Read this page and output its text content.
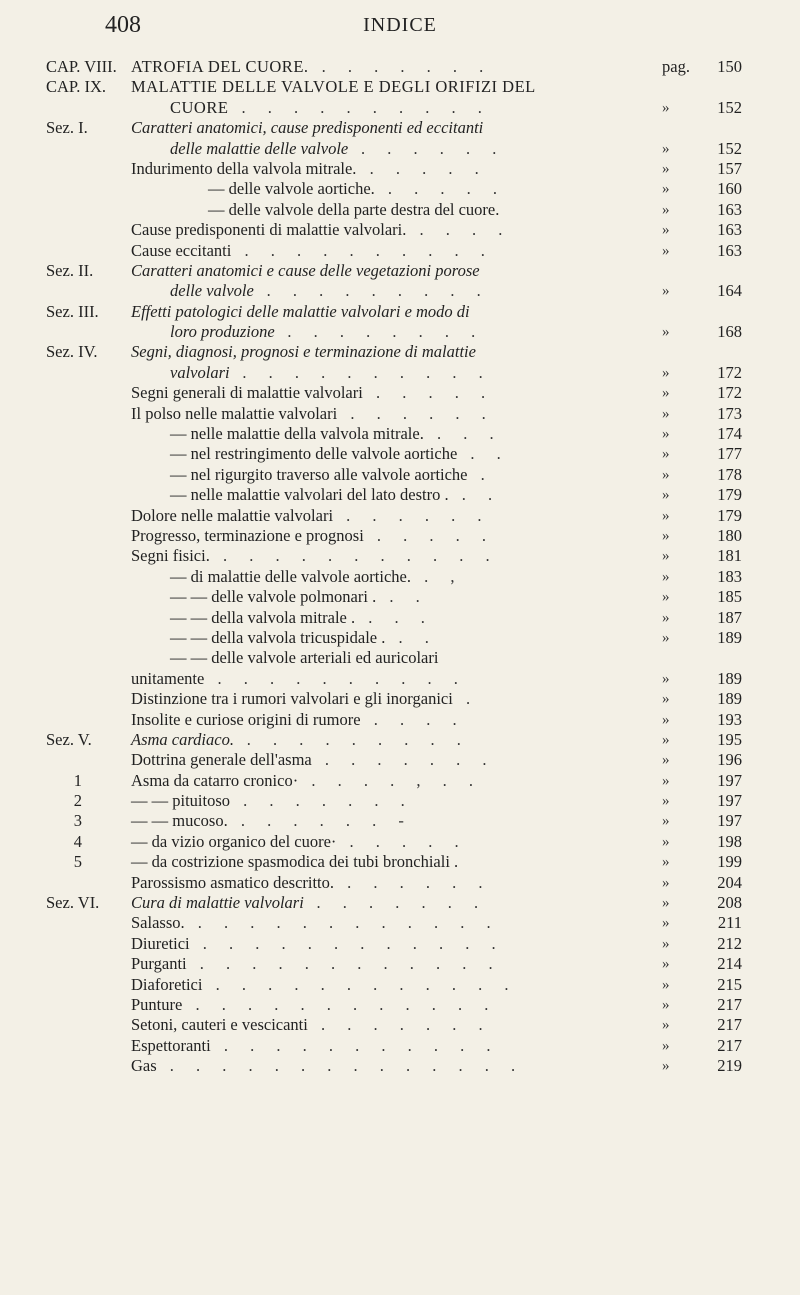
408	INDICE
CAP. VIII. ATROFIA DEL CUORE. . . . . . . .	pag.	150
CAP. IX. MALATTIE DELLE VALVOLE E DEGLI ORIFIZI DEL
CUORE . . . . . . . . . .	»	152
Sez. I.	Caratteri anatomici, cause predisponenti ed eccitanti
delle malattie delle valvole . . . . . .	»	152
Indurimento della valvola mitrale. . . . . .	»	157
— delle valvole aortiche. . . . . .	»	160
— delle valvole della parte destra del cuore.	»	163
Cause predisponenti di malattie valvolari. . . . .	»	163
Cause eccitanti . . . . . . . . . .	»	163
Sez. II. Caratteri anatomici e cause delle vegetazioni porose
delle valvole . . . . . . . . .	»	164
Sez. III. Effetti patologici delle malattie valvolari e modo di
loro produzione . . . . . . . .	»	168
Sez. IV. Segni, diagnosi, prognosi e terminazione di malattie
valvolari . . . . . . . . . .	»	172
Segni generali di malattie valvolari . . . . .	»	172
Il polso nelle malattie valvolari . . . . . .	»	173
— nelle malattie della valvola mitrale. . . .	»	174
— nel restringimento delle valvole aortiche . .	»	177
— nel rigurgito traverso alle valvole aortiche .	»	178
— nelle malattie valvolari del lato destro . . .	»	179
Dolore nelle malattie valvolari . . . . . .	»	179
Progresso, terminazione e prognosi . . . . .	»	180
Segni fisici. . . . . . . . . . . .	»	181
— di malattie delle valvole aortiche. . ,	»	183
— — delle valvole polmonari . . .	»	185
— — della valvola mitrale . . . .	»	187
— — della valvola tricuspidale . . .	»	189
— — delle valvole arteriali ed auricolari
unitamente . . . . . . . . . .	»	189
Distinzione tra i rumori valvolari e gli inorganici .	»	189
Insolite e curiose origini di rumore . . . .	»	193
Sez. V. Asma cardiaco. . . . . . . . . .	»	195
Dottrina generale dell'asma . . . . . . .	»	196
1	Asma da catarro cronico· . . . . , . .	»	197
2	— — pituitoso . . . . . . .	»	197
3	— — mucoso. . . . . . . -	»	197
4	— da vizio organico del cuore· . . . . .	»	198
5	— da costrizione spasmodica dei tubi bronchiali .	»	199
Parossismo asmatico descritto. . . . . . .	»	204
Sez. VI. Cura di malattie valvolari . . . . . . .	»	208
Salasso. . . . . . . . . . . . .	»	211
Diuretici . . . . . . . . . . . .	»	212
Purganti . . . . . . . . . . . .	»	214
Diaforetici . . . . . . . . . . . .	»	215
Punture . . . . . . . . . . . .	»	217
Setoni, cauteri e vescicanti . . . . . . .	»	217
Espettoranti . . . . . . . . . . .	»	217
Gas . . . . . . . . . . . . . .	»	219
